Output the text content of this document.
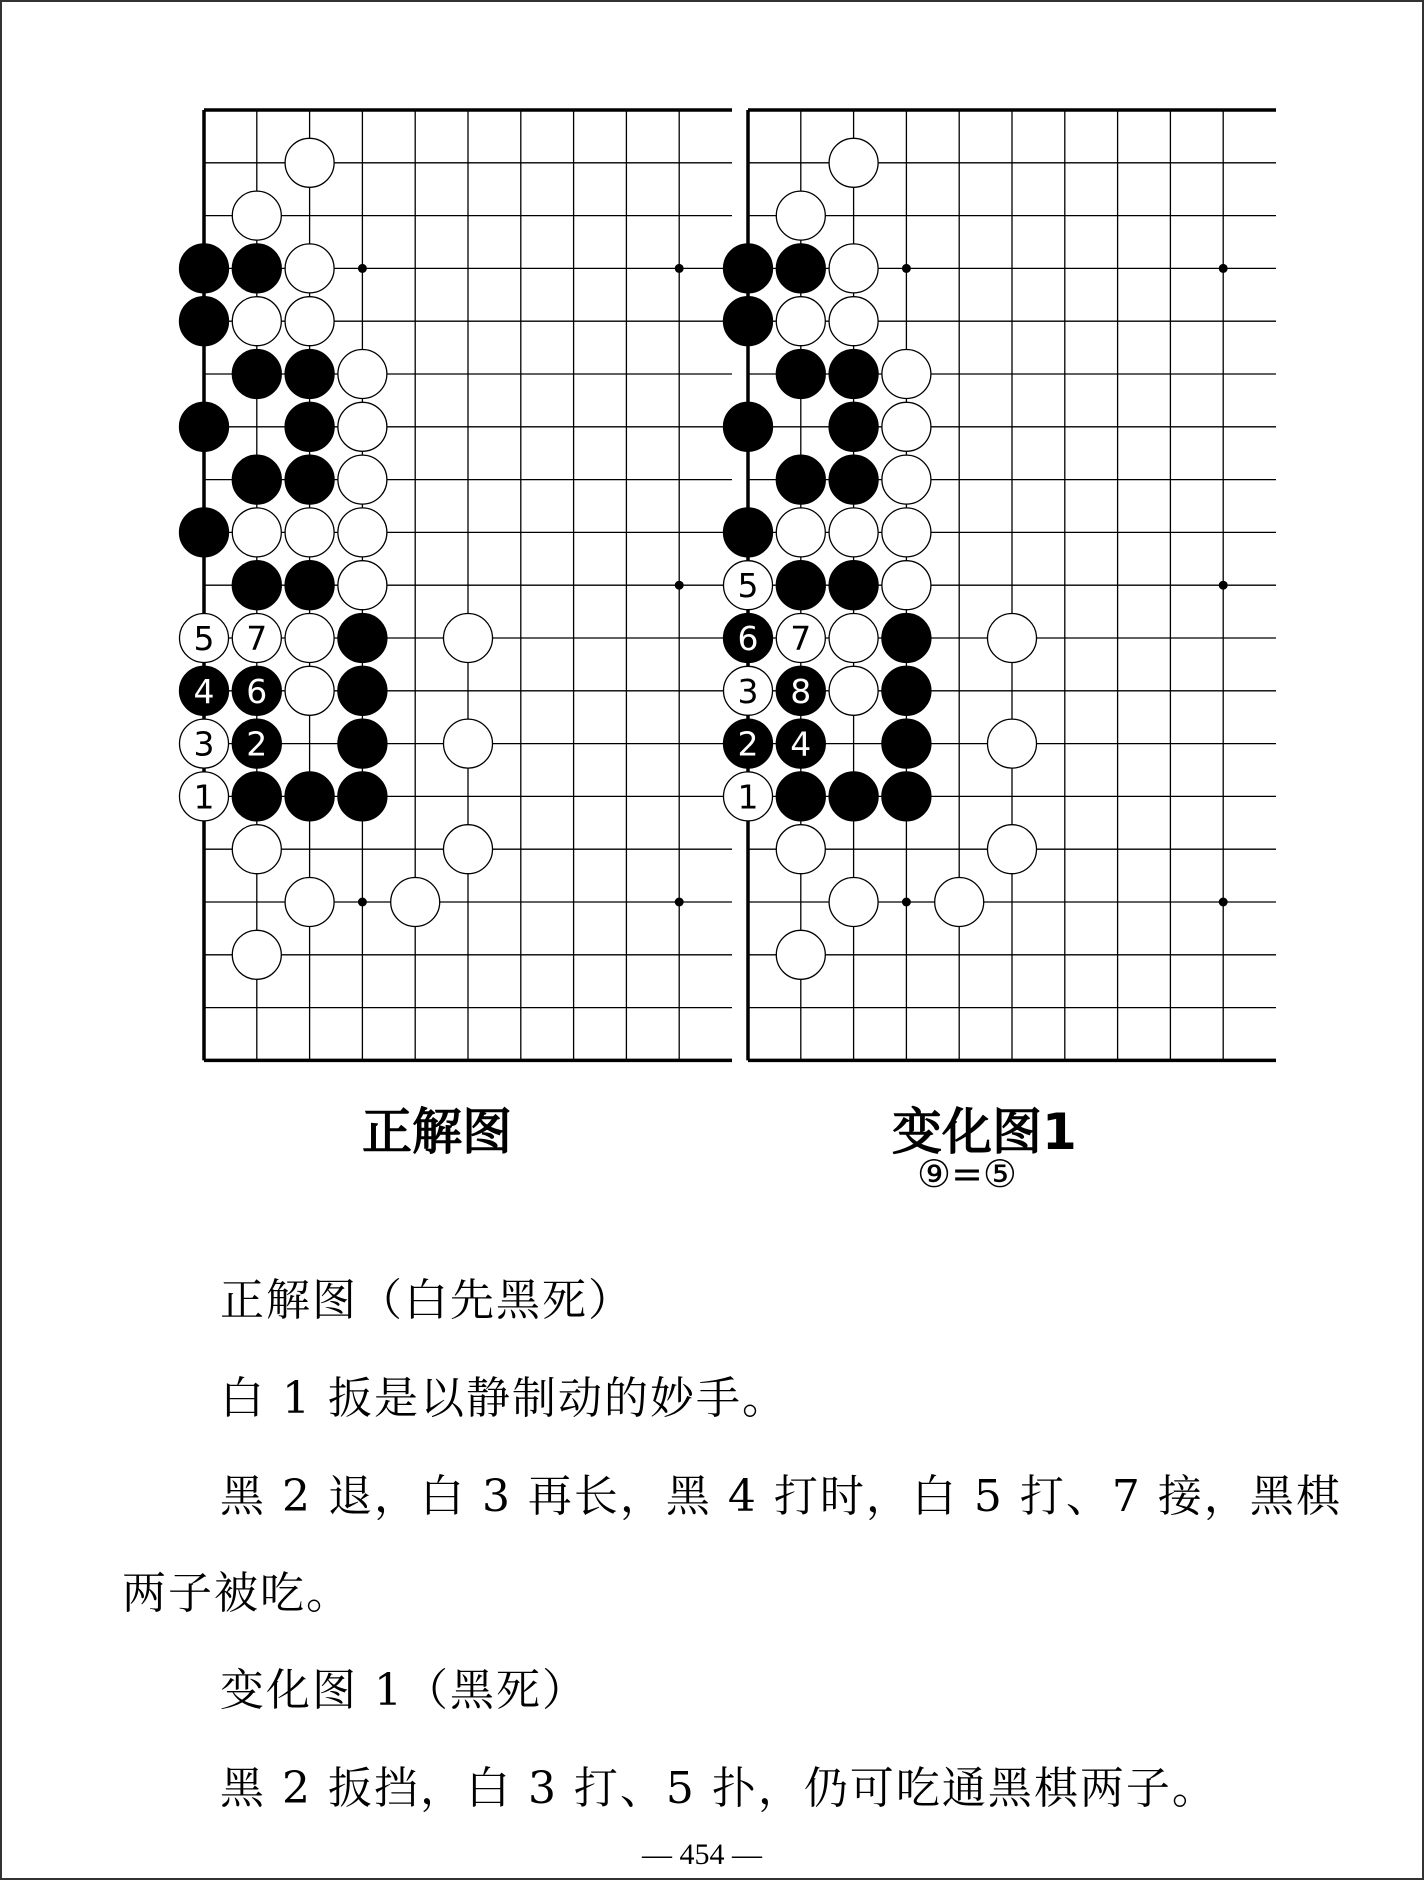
5 7
4 6
3 2
1
5
6 7
3 8
2 4
1
正解图	变化图1
⑨=⑤
正解图（白先黑死）
白 1 扳是以静制动的妙手。
黑 2 退，白 3 再长，黑 4 打时，白 5 打、7 接，黑棋
两子被吃。
变化图 1（黑死）
黑 2 扳挡，白 3 打、5 扑，仍可吃通黑棋两子。
— 454 —
